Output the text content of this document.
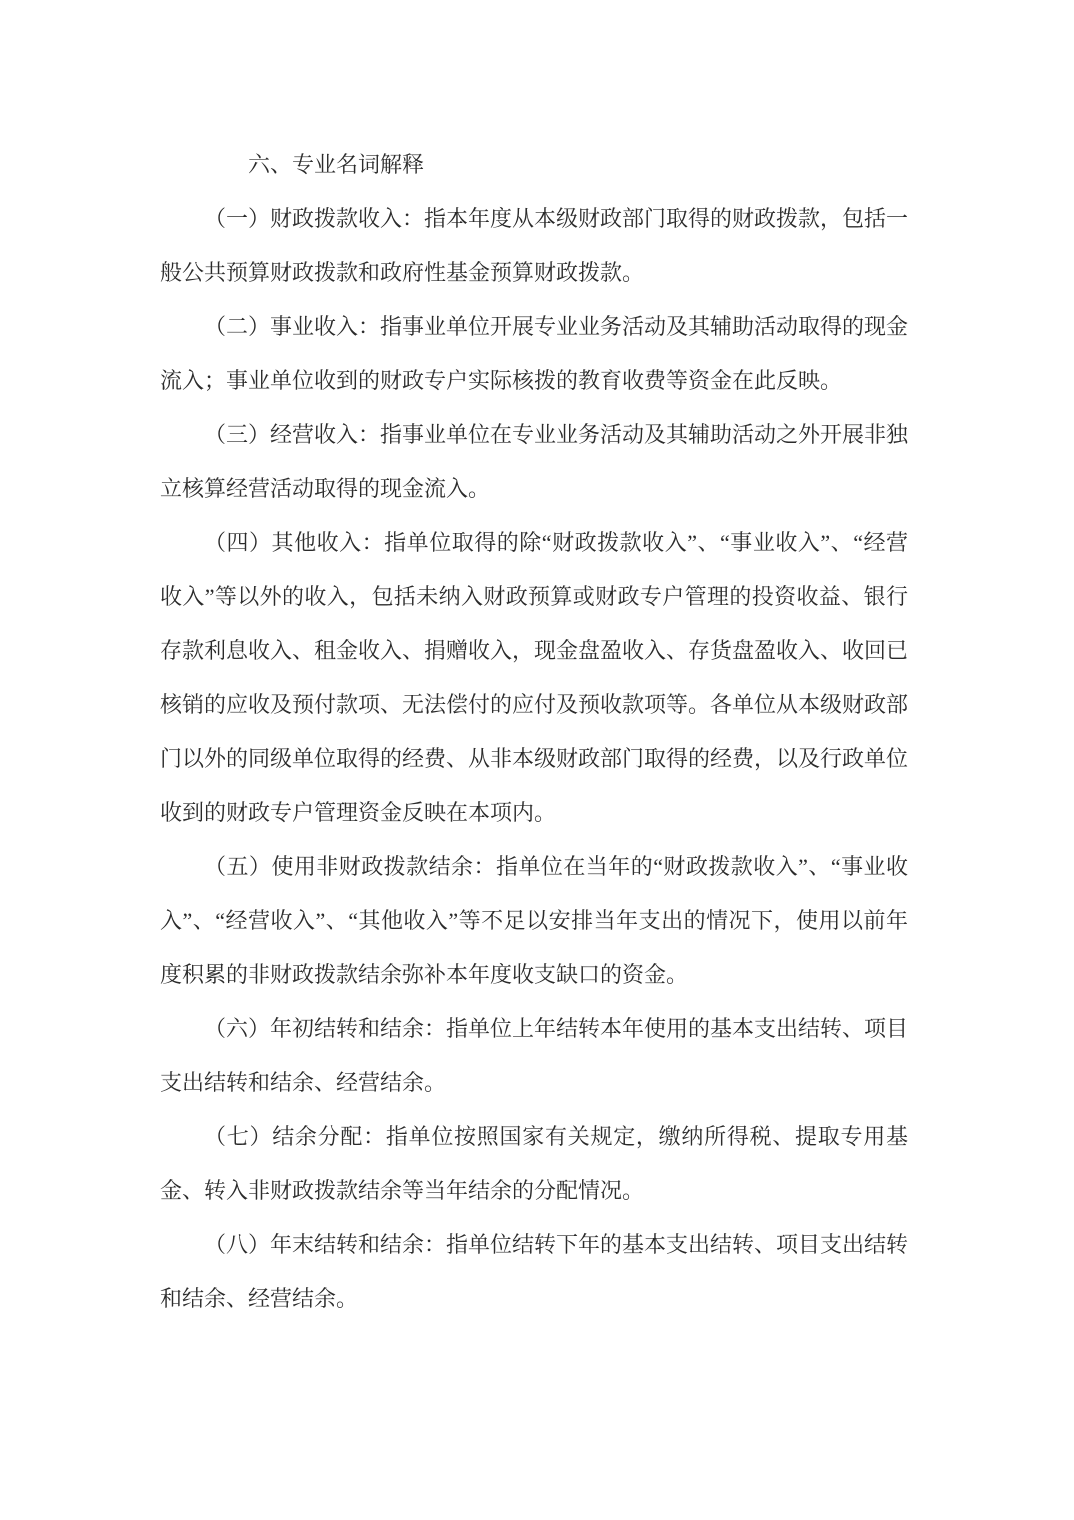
六、专业名词解释

（一）财政拨款收入：指本年度从本级财政部门取得的财政拨款，包括一般公共预算财政拨款和政府性基金预算财政拨款。

（二）事业收入：指事业单位开展专业业务活动及其辅助活动取得的现金流入；事业单位收到的财政专户实际核拨的教育收费等资金在此反映。

（三）经营收入：指事业单位在专业业务活动及其辅助活动之外开展非独立核算经营活动取得的现金流入。

（四）其他收入：指单位取得的除“财政拨款收入”、“事业收入”、“经营收入”等以外的收入，包括未纳入财政预算或财政专户管理的投资收益、银行存款利息收入、租金收入、捐赠收入，现金盘盈收入、存货盘盈收入、收回已核销的应收及预付款项、无法偿付的应付及预收款项等。各单位从本级财政部门以外的同级单位取得的经费、从非本级财政部门取得的经费，以及行政单位收到的财政专户管理资金反映在本项内。

（五）使用非财政拨款结余：指单位在当年的“财政拨款收入”、“事业收入”、“经营收入”、“其他收入”等不足以安排当年支出的情况下，使用以前年度积累的非财政拨款结余弥补本年度收支缺口的资金。

（六）年初结转和结余：指单位上年结转本年使用的基本支出结转、项目支出结转和结余、经营结余。

（七）结余分配：指单位按照国家有关规定，缴纳所得税、提取专用基金、转入非财政拨款结余等当年结余的分配情况。

（八）年末结转和结余：指单位结转下年的基本支出结转、项目支出结转和结余、经营结余。
